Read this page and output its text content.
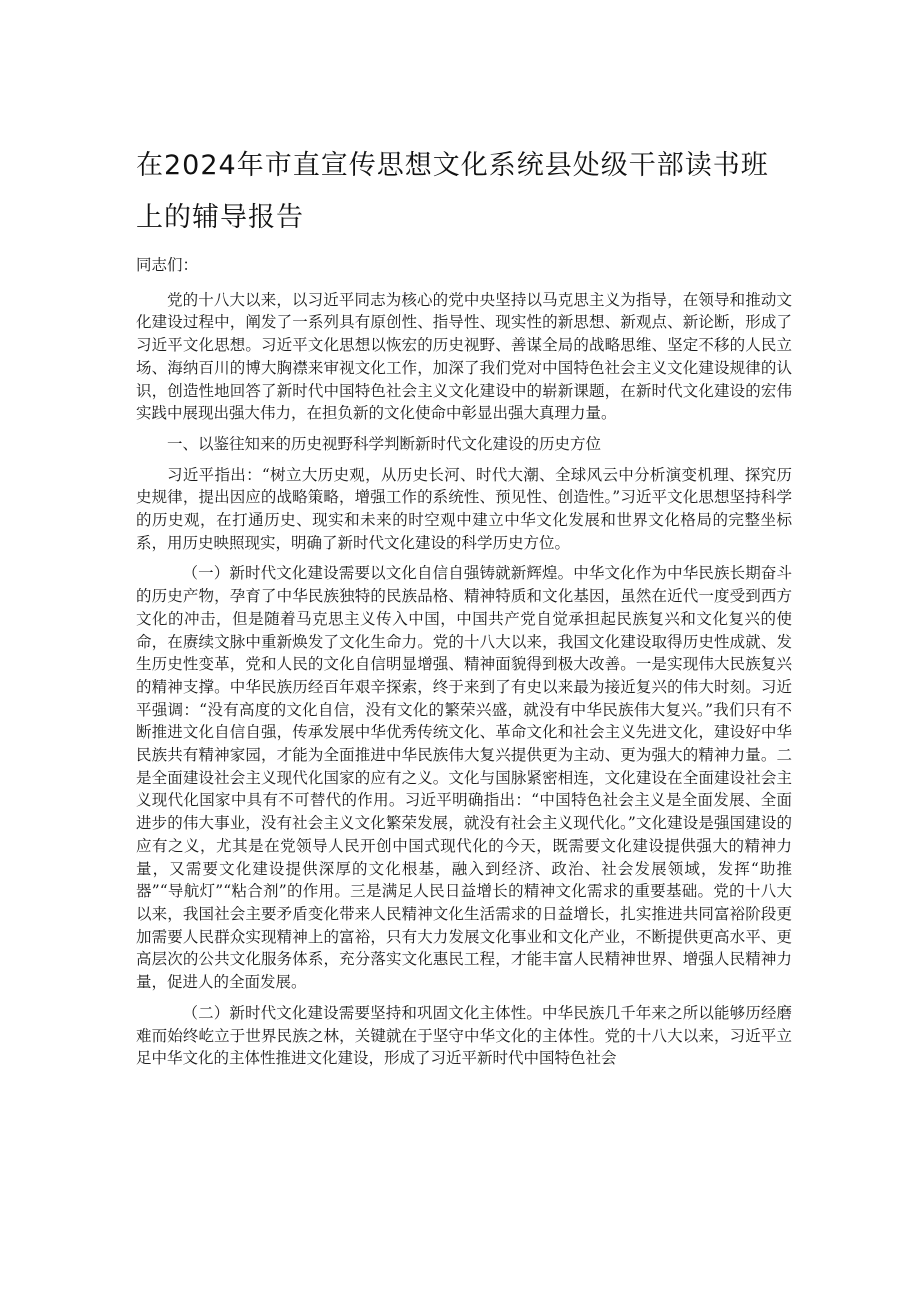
在2024年市直宣传思想文化系统县处级干部读书班上的辅导报告

同志们：

党的十八大以来，以习近平同志为核心的党中央坚持以马克思主义为指导，在领导和推动文化建设过程中，阐发了一系列具有原创性、指导性、现实性的新思想、新观点、新论断，形成了习近平文化思想。习近平文化思想以恢宏的历史视野、善谋全局的战略思维、坚定不移的人民立场、海纳百川的博大胸襟来审视文化工作，加深了我们党对中国特色社会主义文化建设规律的认识，创造性地回答了新时代中国特色社会主义文化建设中的崭新课题，在新时代文化建设的宏伟实践中展现出强大伟力，在担负新的文化使命中彰显出强大真理力量。

一、以鉴往知来的历史视野科学判断新时代文化建设的历史方位

习近平指出：“树立大历史观，从历史长河、时代大潮、全球风云中分析演变机理、探究历史规律，提出因应的战略策略，增强工作的系统性、预见性、创造性。”习近平文化思想坚持科学的历史观，在打通历史、现实和未来的时空观中建立中华文化发展和世界文化格局的完整坐标系，用历史映照现实，明确了新时代文化建设的科学历史方位。

（一）新时代文化建设需要以文化自信自强铸就新辉煌。中华文化作为中华民族长期奋斗的历史产物，孕育了中华民族独特的民族品格、精神特质和文化基因，虽然在近代一度受到西方文化的冲击，但是随着马克思主义传入中国，中国共产党自觉承担起民族复兴和文化复兴的使命，在赓续文脉中重新焕发了文化生命力。党的十八大以来，我国文化建设取得历史性成就、发生历史性变革，党和人民的文化自信明显增强、精神面貌得到极大改善。一是实现伟大民族复兴的精神支撑。中华民族历经百年艰辛探索，终于来到了有史以来最为接近复兴的伟大时刻。习近平强调：“没有高度的文化自信，没有文化的繁荣兴盛，就没有中华民族伟大复兴。”我们只有不断推进文化自信自强，传承发展中华优秀传统文化、革命文化和社会主义先进文化，建设好中华民族共有精神家园，才能为全面推进中华民族伟大复兴提供更为主动、更为强大的精神力量。二是全面建设社会主义现代化国家的应有之义。文化与国脉紧密相连，文化建设在全面建设社会主义现代化国家中具有不可替代的作用。习近平明确指出：“中国特色社会主义是全面发展、全面进步的伟大事业，没有社会主义文化繁荣发展，就没有社会主义现代化。”文化建设是强国建设的应有之义，尤其是在党领导人民开创中国式现代化的今天，既需要文化建设提供强大的精神力量，又需要文化建设提供深厚的文化根基，融入到经济、政治、社会发展领域，发挥“助推器”“导航灯”“粘合剂”的作用。三是满足人民日益增长的精神文化需求的重要基础。党的十八大以来，我国社会主要矛盾变化带来人民精神文化生活需求的日益增长，扎实推进共同富裕阶段更加需要人民群众实现精神上的富裕，只有大力发展文化事业和文化产业，不断提供更高水平、更高层次的公共文化服务体系，充分落实文化惠民工程，才能丰富人民精神世界、增强人民精神力量，促进人的全面发展。

（二）新时代文化建设需要坚持和巩固文化主体性。中华民族几千年来之所以能够历经磨难而始终屹立于世界民族之林，关键就在于坚守中华文化的主体性。党的十八大以来，习近平立足中华文化的主体性推进文化建设，形成了习近平新时代中国特色社会
